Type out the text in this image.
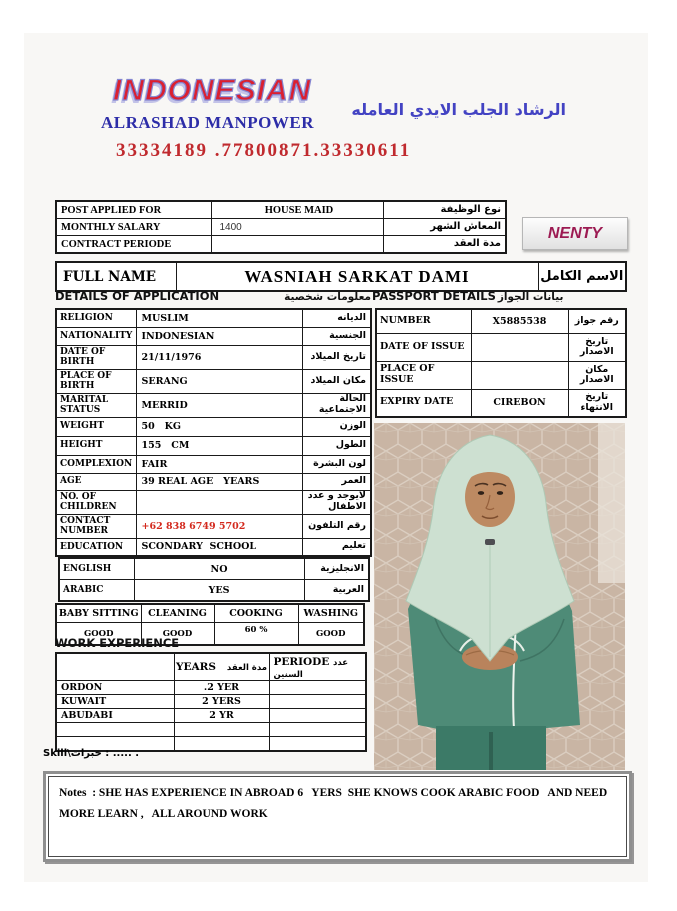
INDONESIAN
ALRASHAD MANPOWER
الرشاد الجلب الايدي العامله
33334189 .77800871.33330611
POST APPLIED FOR	HOUSE MAID	نوع الوظيفة
MONTHLY SALARY	1400	المعاش الشهر
CONTRACT PERIODE		مدة العقد
NENTY
FULL NAME	WASNIAH SARKAT DAMI	الاسم الكامل
DETAILS OF APPLICATION	معلومات شخصية PASSPORT DETAILS بيانات الجواز
RELIGION	MUSLIM	الديانه
NATIONALITY	INDONESIAN	الجنسية
DATE OF BIRTH	21/11/1976	تاريخ الميلاد
PLACE OF BIRTH	SERANG	مكان الميلاد
MARITAL STATUS	MERRID	الحالة الاجتماعية
WEIGHT	50   KG	الوزن
HEIGHT	155   CM	الطول
COMPLEXION	FAIR	لون البشرة
AGE	39 REAL AGE   YEARS	العمر
NO. OF CHILDREN		لايوجد و عدد الاطفال
CONTACT NUMBER	+62 838 6749 5702	رقم التلفون
EDUCATION	SCONDARY  SCHOOL	تعليم
ENGLISH	NO	الانجليزية
ARABIC	YES	العربية
NUMBER	X5885538	رقم جواز
DATE OF ISSUE		تاريخ الاصدار
PLACE OF ISSUE		مكان الاصدار
EXPIRY DATE	CIREBON	تاريخ الانتهاء
BABY SITTING	CLEANING	COOKING	WASHING
GOOD	GOOD	60 %	GOOD
WORK EXPERIENCE
	YEARS مدة العقد	PERIODE عدد السنين
ORDON	.2 YER	
KUWAIT	2 YERS	
ABUDABI	2 YR	

Skill\خبرات : ..... .
Notes  : SHE HAS EXPERIENCE IN ABROAD 6   YERS  SHE KNOWS COOK ARABIC FOOD   AND NEED MORE LEARN ,   ALL AROUND WORK
